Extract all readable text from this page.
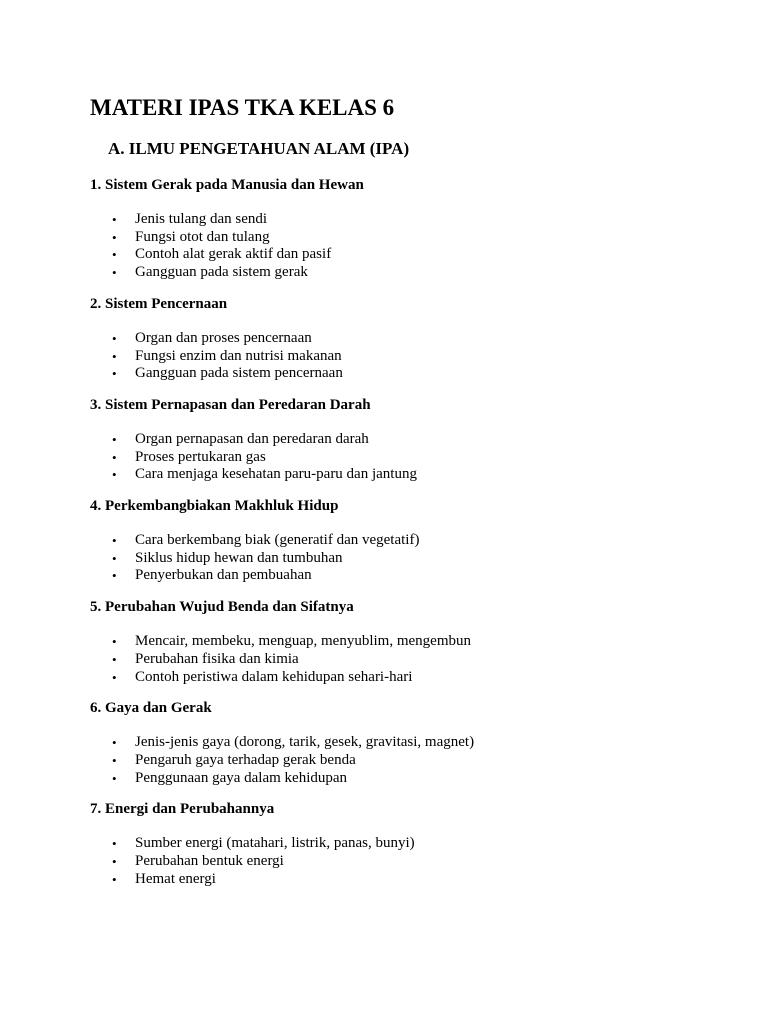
MATERI IPAS TKA KELAS 6
A. ILMU PENGETAHUAN ALAM (IPA)

1. Sistem Gerak pada Manusia dan Hewan

• Jenis tulang dan sendi
• Fungsi otot dan tulang
• Contoh alat gerak aktif dan pasif
• Gangguan pada sistem gerak

2. Sistem Pencernaan

• Organ dan proses pencernaan
• Fungsi enzim dan nutrisi makanan
• Gangguan pada sistem pencernaan

3. Sistem Pernapasan dan Peredaran Darah

• Organ pernapasan dan peredaran darah
• Proses pertukaran gas
• Cara menjaga kesehatan paru-paru dan jantung

4. Perkembangbiakan Makhluk Hidup

• Cara berkembang biak (generatif dan vegetatif)
• Siklus hidup hewan dan tumbuhan
• Penyerbukan dan pembuahan

5. Perubahan Wujud Benda dan Sifatnya

• Mencair, membeku, menguap, menyublim, mengembun
• Perubahan fisika dan kimia
• Contoh peristiwa dalam kehidupan sehari-hari

6. Gaya dan Gerak

• Jenis-jenis gaya (dorong, tarik, gesek, gravitasi, magnet)
• Pengaruh gaya terhadap gerak benda
• Penggunaan gaya dalam kehidupan

7. Energi dan Perubahannya

• Sumber energi (matahari, listrik, panas, bunyi)
• Perubahan bentuk energi
• Hemat energi
